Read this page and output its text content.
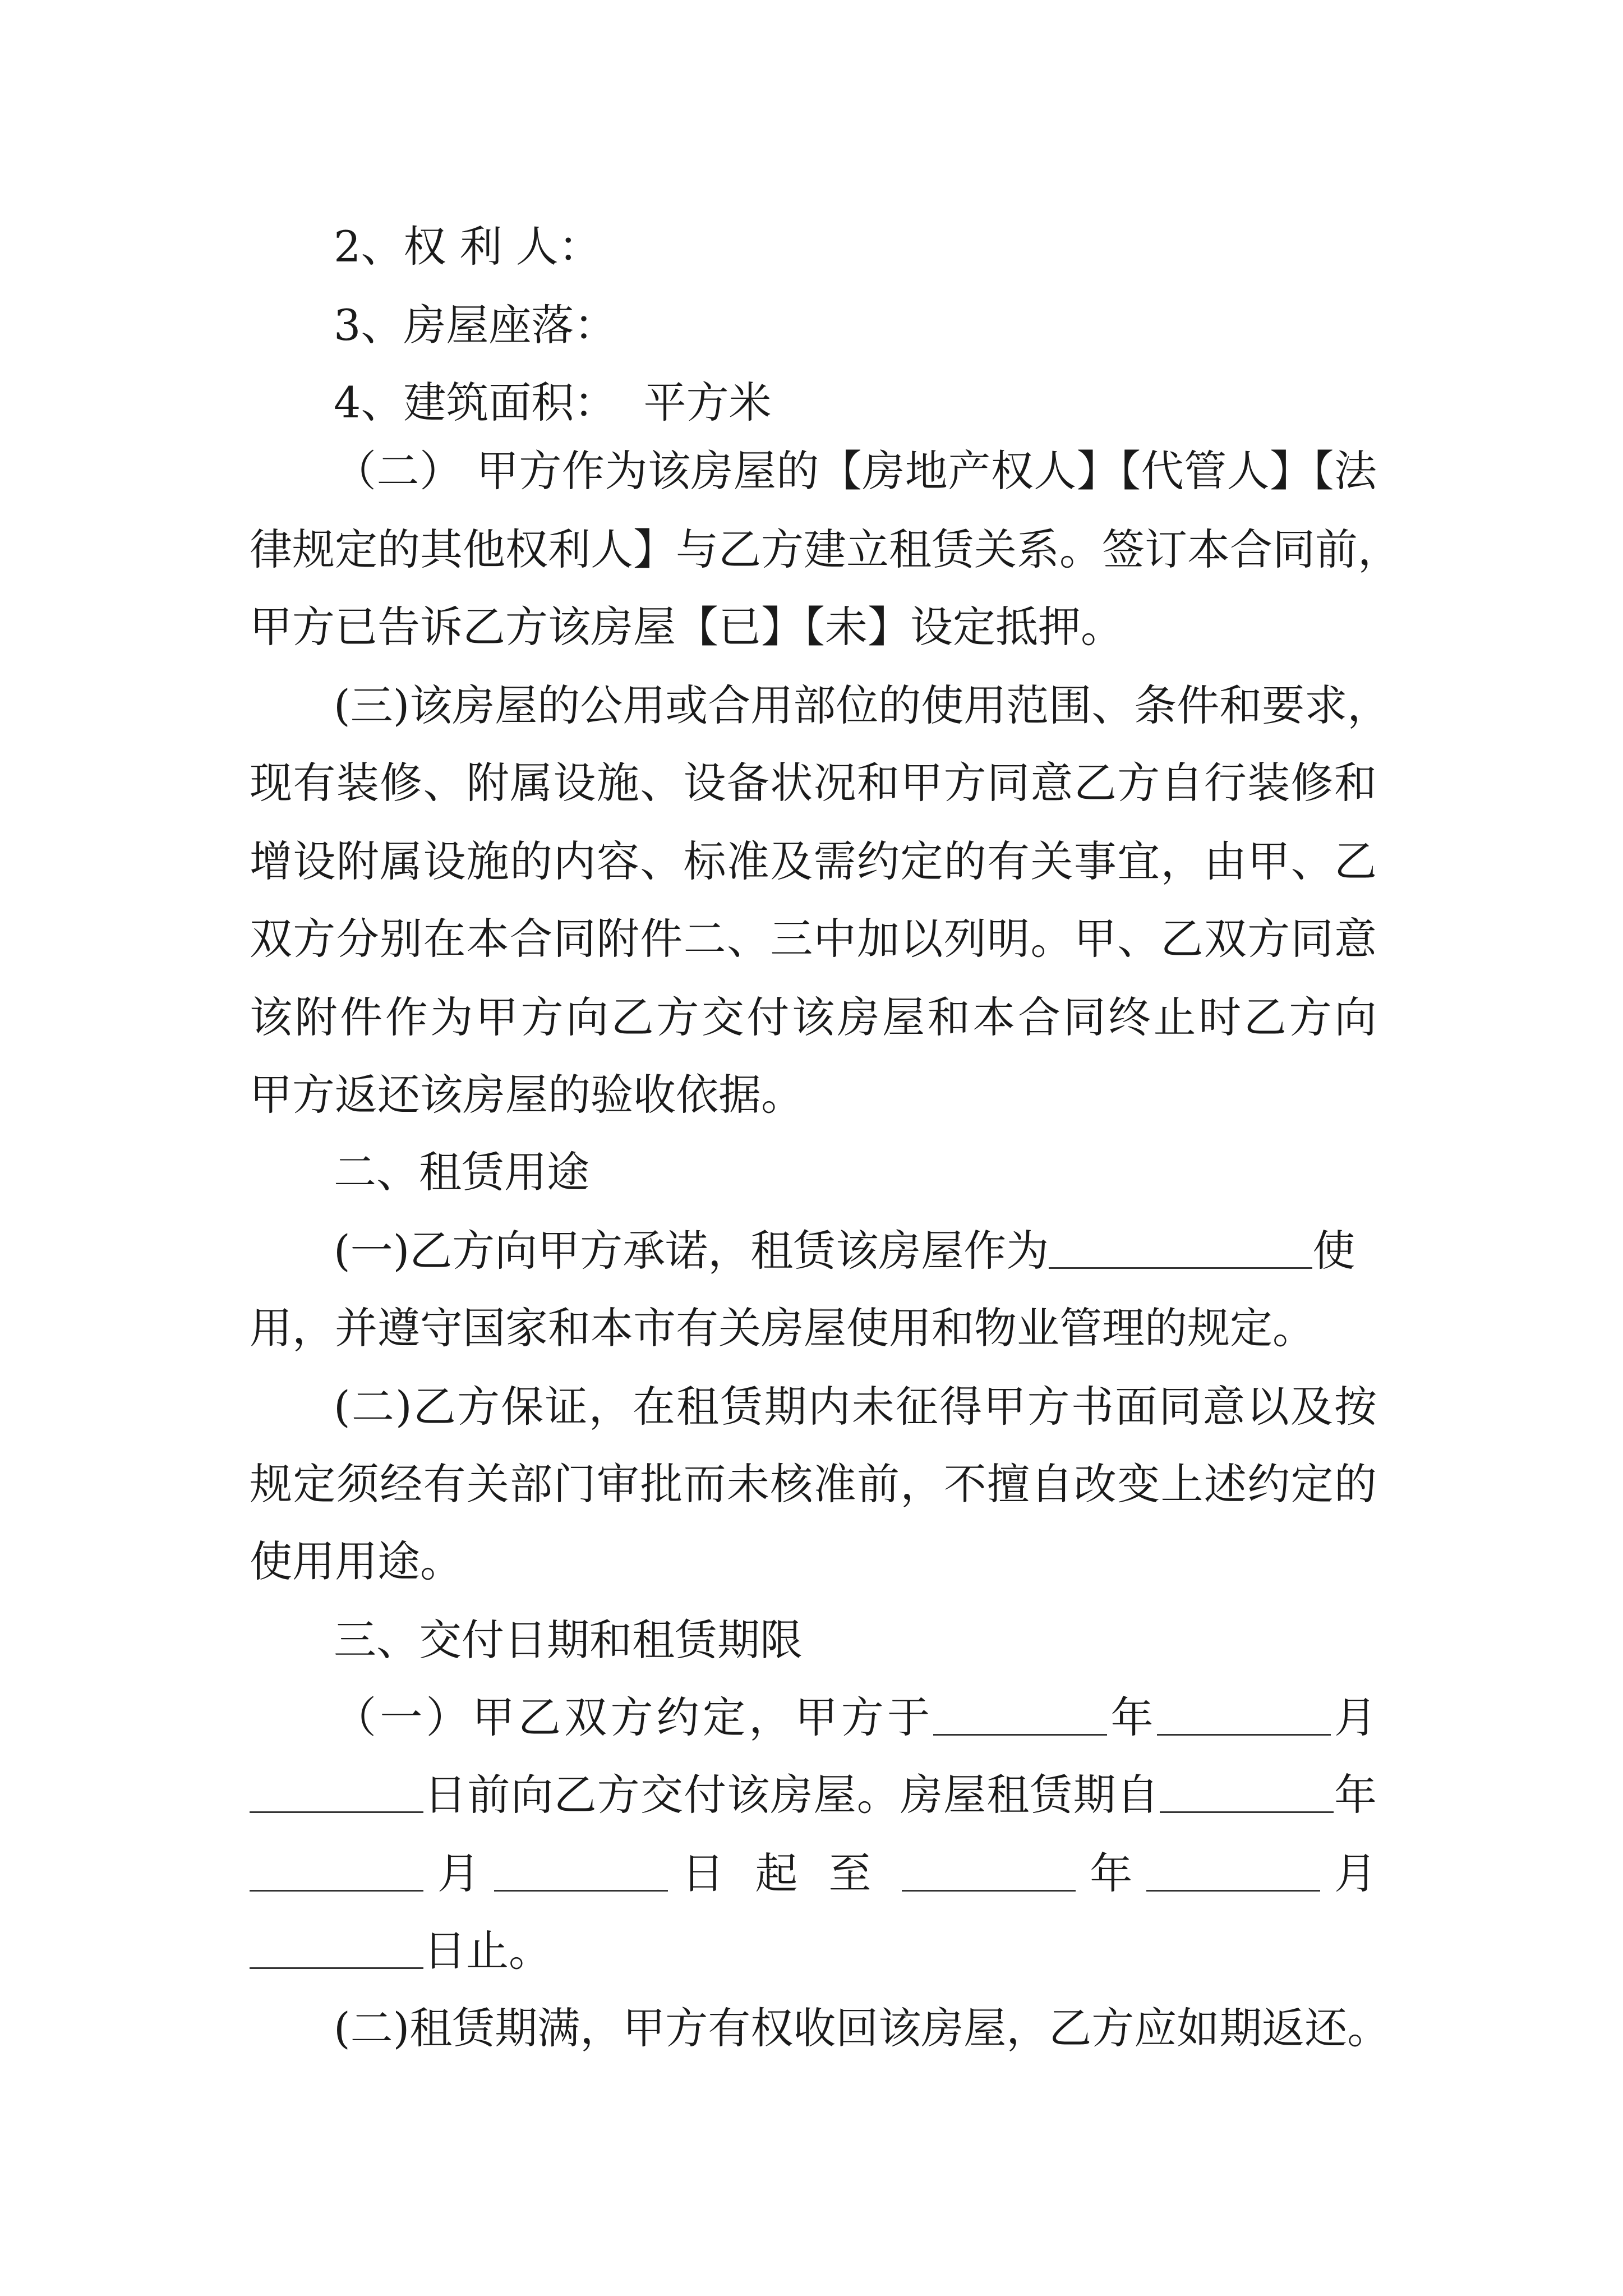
2、权 利 人：
3、房屋座落：
4、建筑面积：  平方米
（二） 甲方作为该房屋的【房地产权人】【代管人】【法
律规定的其他权利人】与乙方建立租赁关系。签订本合同前，
甲方已告诉乙方该房屋【已】【未】设定抵押。
(三)该房屋的公用或合用部位的使用范围、条件和要求，
现有装修、附属设施、设备状况和甲方同意乙方自行装修和
增设附属设施的内容、标准及需约定的有关事宜，由甲、乙
双方分别在本合同附件二、三中加以列明。甲、乙双方同意
该附件作为甲方向乙方交付该房屋和本合同终止时乙方向
甲方返还该房屋的验收依据。
二、租赁用途
(一)乙方向甲方承诺，租赁该房屋作为	使
用，并遵守国家和本市有关房屋使用和物业管理的规定。
(二)乙方保证，在租赁期内未征得甲方书面同意以及按
规定须经有关部门审批而未核准前，不擅自改变上述约定的
使用用途。
三、交付日期和租赁期限
（一）甲乙双方约定，甲方于	年	月
日前向乙方交付该房屋。房屋租赁期自	年
月	日起至	年	月
日止。
(二)租赁期满，甲方有权收回该房屋，乙方应如期返还。
